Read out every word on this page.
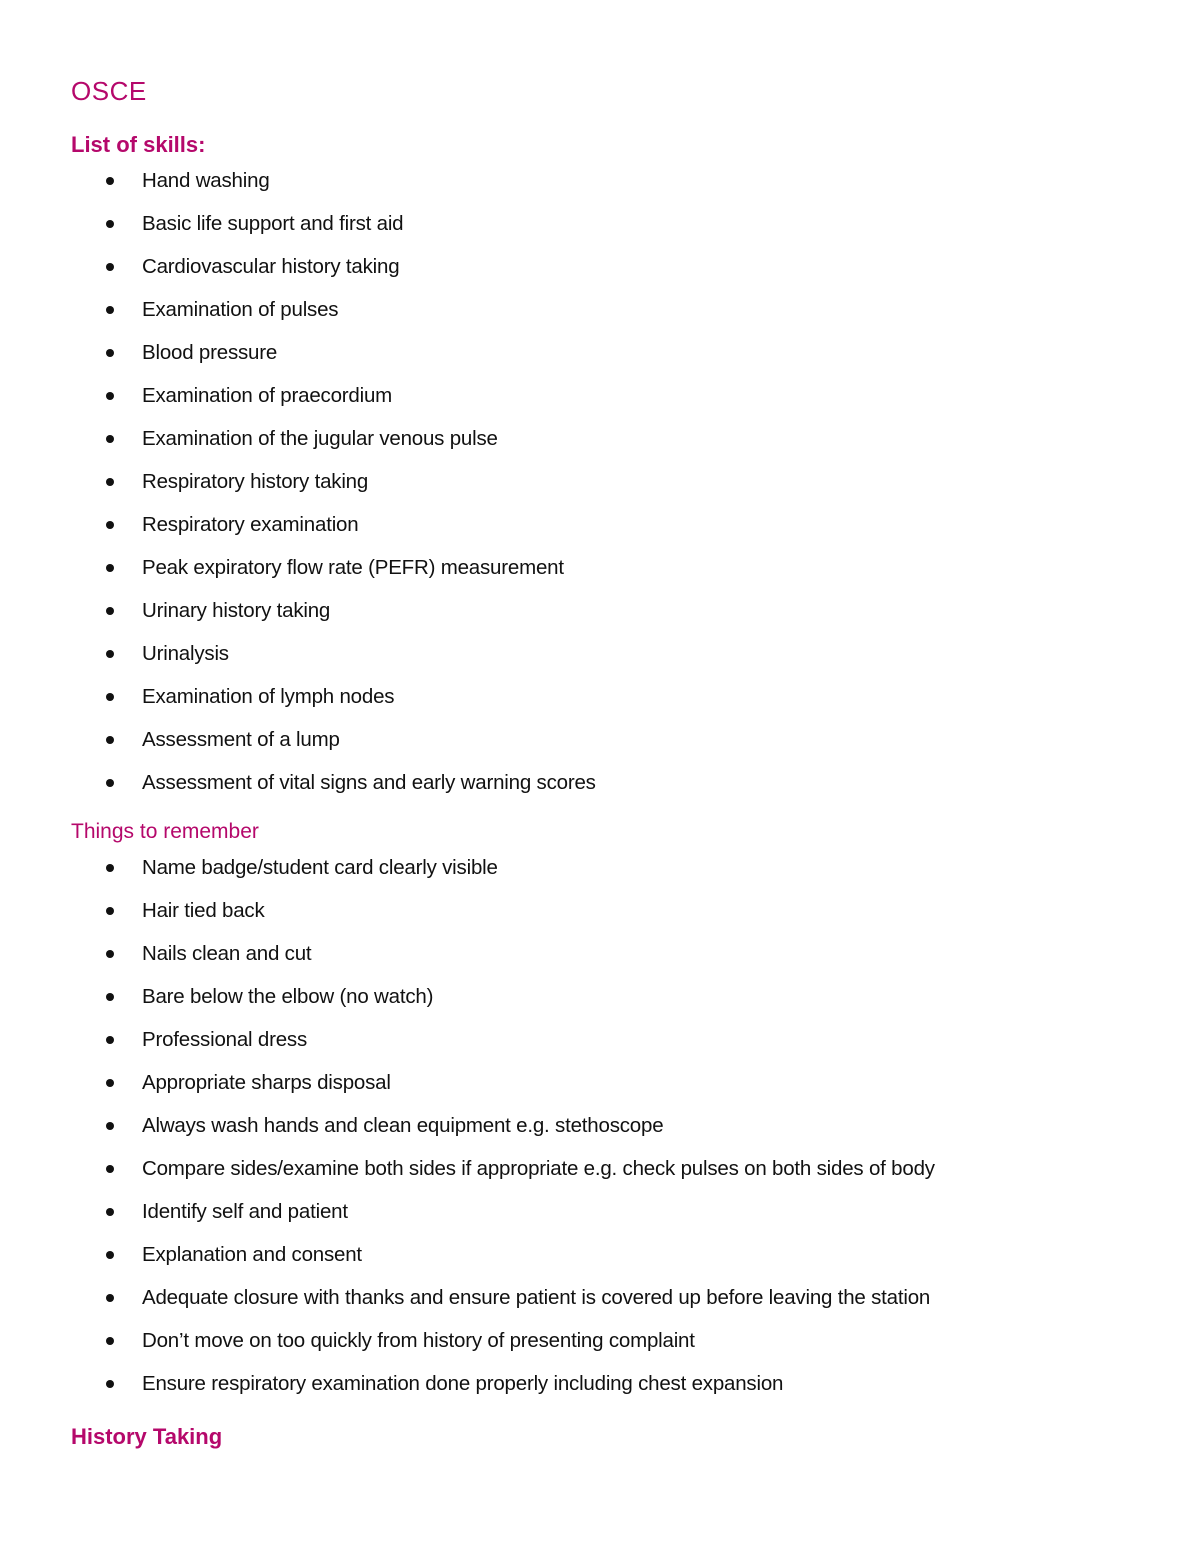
OSCE
List of skills:
Hand washing
Basic life support and first aid
Cardiovascular history taking
Examination of pulses
Blood pressure
Examination of praecordium
Examination of the jugular venous pulse
Respiratory history taking
Respiratory examination
Peak expiratory flow rate (PEFR) measurement
Urinary history taking
Urinalysis
Examination of lymph nodes
Assessment of a lump
Assessment of vital signs and early warning scores
Things to remember
Name badge/student card clearly visible
Hair tied back
Nails clean and cut
Bare below the elbow (no watch)
Professional dress
Appropriate sharps disposal
Always wash hands and clean equipment e.g. stethoscope
Compare sides/examine both sides if appropriate e.g. check pulses on both sides of body
Identify self and patient
Explanation and consent
Adequate closure with thanks and ensure patient is covered up before leaving the station
Don’t move on too quickly from history of presenting complaint
Ensure respiratory examination done properly including chest expansion
History Taking
